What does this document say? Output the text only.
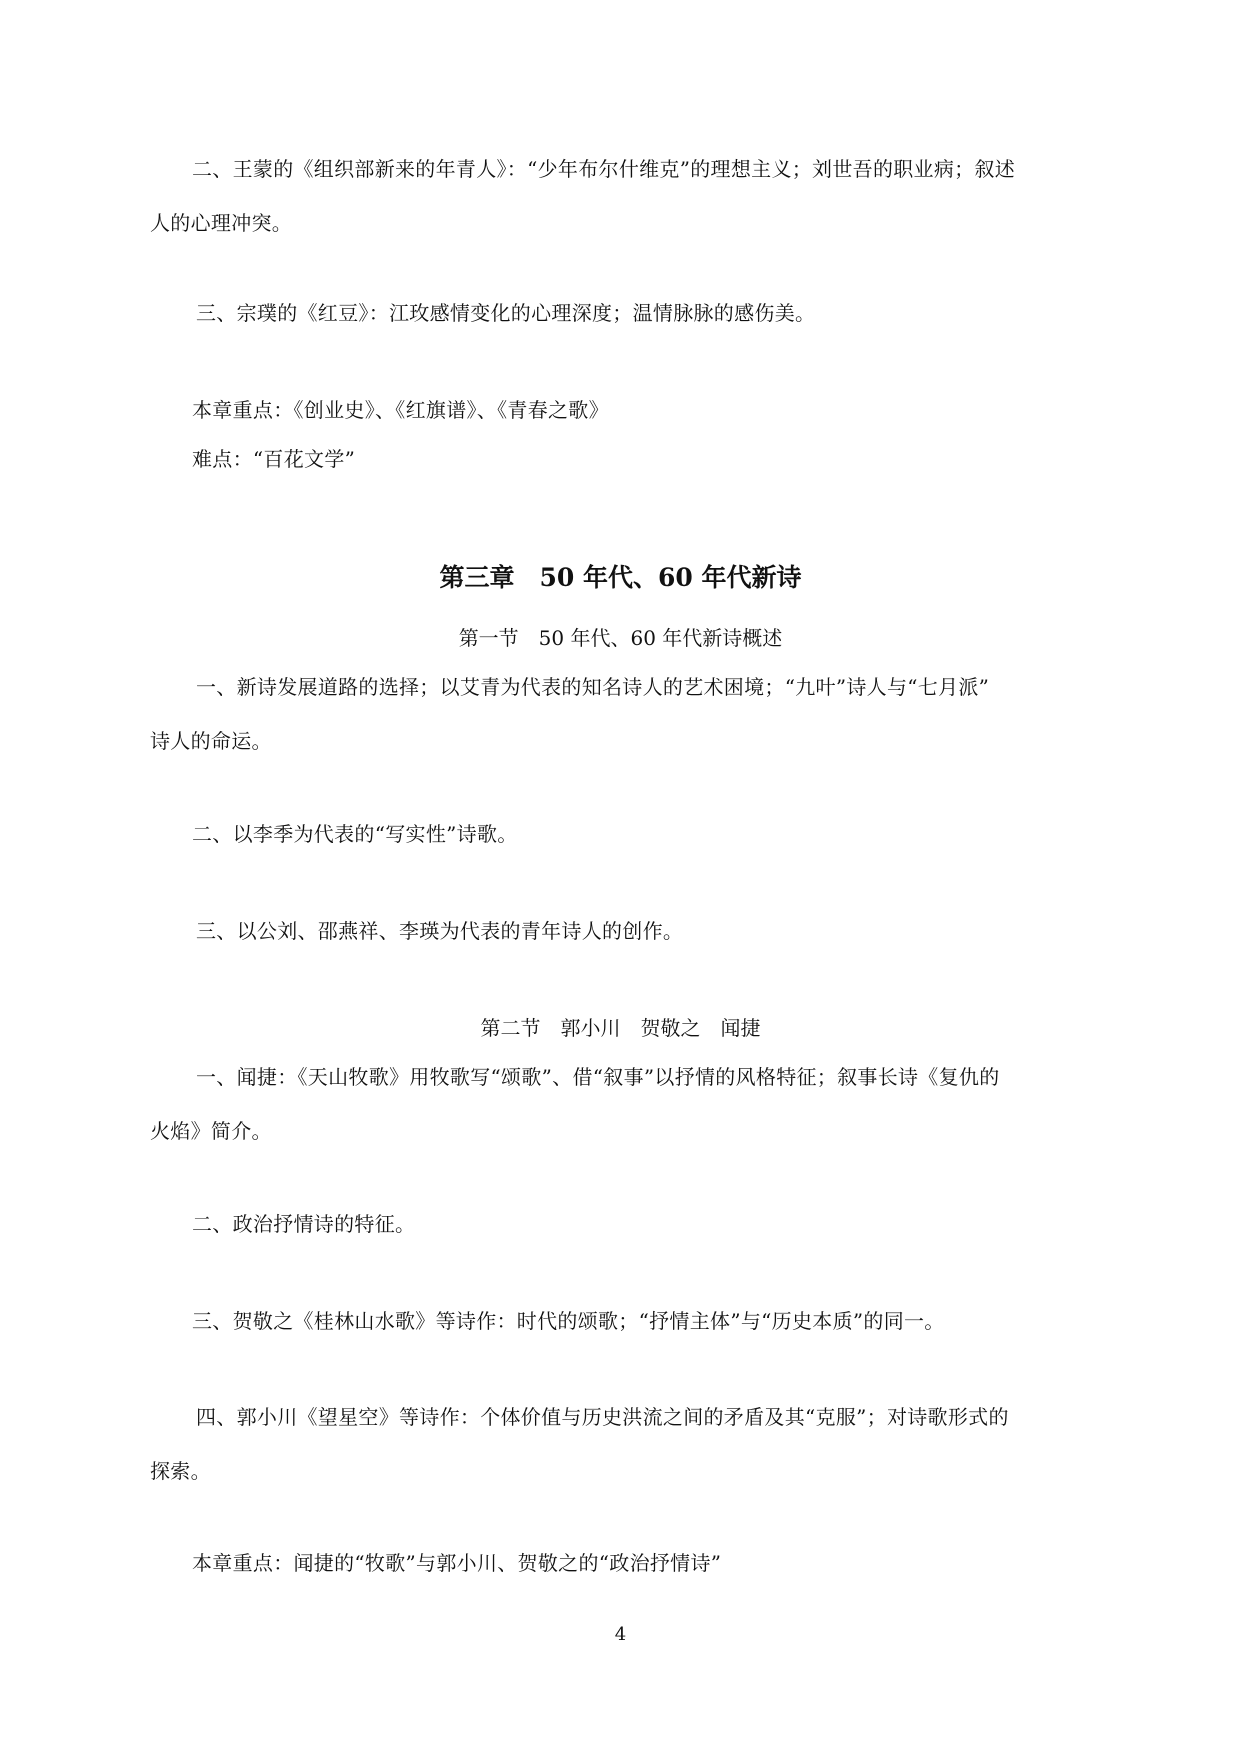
二、王蒙的《组织部新来的年青人》：“少年布尔什维克”的理想主义；刘世吾的职业病；叙述
人的心理冲突。
三、宗璞的《红豆》：江玫感情变化的心理深度；温情脉脉的感伤美。
本章重点：《创业史》、《红旗谱》、《青春之歌》
难点：“百花文学”
第三章　50 年代、60 年代新诗
第一节　50 年代、60 年代新诗概述
一、新诗发展道路的选择；以艾青为代表的知名诗人的艺术困境；“九叶”诗人与“七月派”
诗人的命运。
二、以李季为代表的“写实性”诗歌。
三、以公刘、邵燕祥、李瑛为代表的青年诗人的创作。
第二节　郭小川　贺敬之　闻捷
一、闻捷：《天山牧歌》用牧歌写“颂歌”、借“叙事”以抒情的风格特征；叙事长诗《复仇的
火焰》简介。
二、政治抒情诗的特征。
三、贺敬之《桂林山水歌》等诗作：时代的颂歌；“抒情主体”与“历史本质”的同一。
四、郭小川《望星空》等诗作：个体价值与历史洪流之间的矛盾及其“克服”；对诗歌形式的
探索。
本章重点：闻捷的“牧歌”与郭小川、贺敬之的“政治抒情诗”
4
